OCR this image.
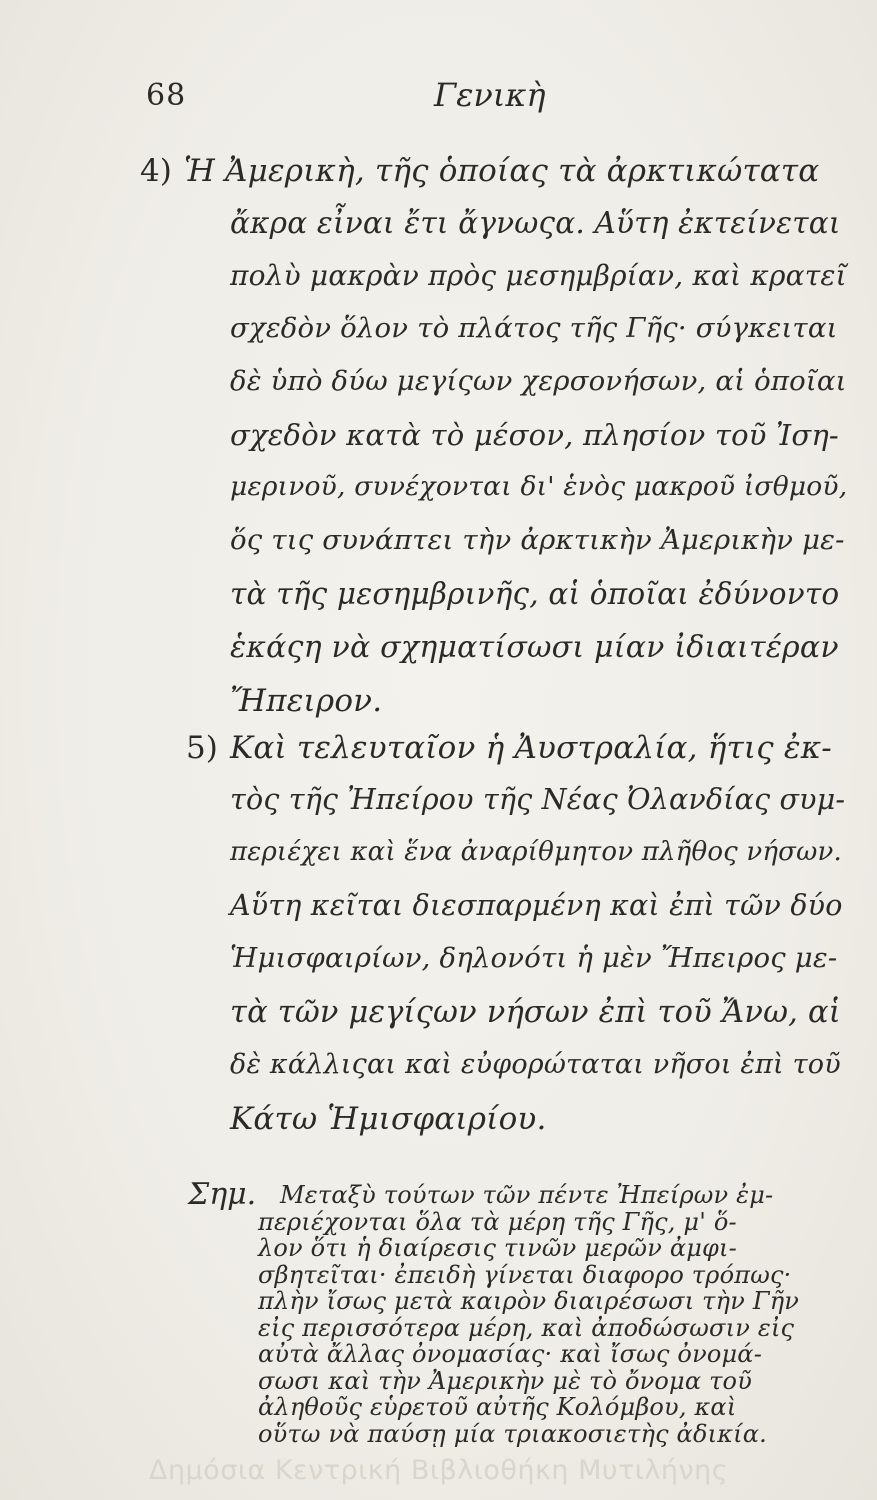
68	Γενικὴ
4) Ἡ Ἀμερικὴ, τῆς ὁποίας τὰ ἀρκτικώτατα
ἄκρα εἶναι ἔτι ἄγνωςα. Αὕτη ἐκτείνεται
πολὺ μακρὰν πρὸς μεσημβρίαν, καὶ κρατεῖ
σχεδὸν ὅλον τὸ πλάτος τῆς Γῆς· σύγκειται
δὲ ὑπὸ δύω μεγίςων χερσονήσων, αἱ ὁποῖαι
σχεδὸν κατὰ τὸ μέσον, πλησίον τοῦ Ἰση-
μερινοῦ, συνέχονται δι' ἑνὸς μακροῦ ἰσθμοῦ,
ὅς τις συνάπτει τὴν ἀρκτικὴν Ἀμερικὴν με-
τὰ τῆς μεσημβρινῆς, αἱ ὁποῖαι ἐδύνοντο
ἑκάςη νὰ σχηματίσωσι μίαν ἰδιαιτέραν
Ἤπειρον.
5) Καὶ τελευταῖον ἡ Ἀυστραλία, ἥτις ἐκ-
τὸς τῆς Ἠπείρου τῆς Νέας Ὀλανδίας συμ-
περιέχει καὶ ἕνα ἀναρίθμητον πλῆθος νήσων.
Αὕτη κεῖται διεσπαρμένη καὶ ἐπὶ τῶν δύο
Ἡμισφαιρίων, δηλονότι ἡ μὲν Ἤπειρος με-
τὰ τῶν μεγίςων νήσων ἐπὶ τοῦ Ἄνω, αἱ
δὲ κάλλιςαι καὶ εὐφορώταται νῆσοι ἐπὶ τοῦ
Κάτω Ἡμισφαιρίου.
Σημ. Μεταξὺ τούτων τῶν πέντε Ἠπείρων ἐμ-
περιέχονται ὅλα τὰ μέρη τῆς Γῆς, μ' ὅ-
λον ὅτι ἡ διαίρεσις τινῶν μερῶν ἀμφι-
σβητεῖται· ἐπειδὴ γίνεται διαφορο τρόπως·
πλὴν ἴσως μετὰ καιρὸν διαιρέσωσι τὴν Γῆν
εἰς περισσότερα μέρη, καὶ ἀποδώσωσιν εἰς
αὐτὰ ἄλλας ὀνομασίας· καὶ ἴσως ὀνομά-
σωσι καὶ τὴν Ἀμερικὴν μὲ τὸ ὄνομα τοῦ
ἀληθοῦς εὑρετοῦ αὐτῆς Κολόμβου, καὶ
οὕτω νὰ παύσῃ μία τριακοσιετὴς ἀδικία.
Δημόσια Κεντρική Βιβλιοθήκη Μυτιλήνης
